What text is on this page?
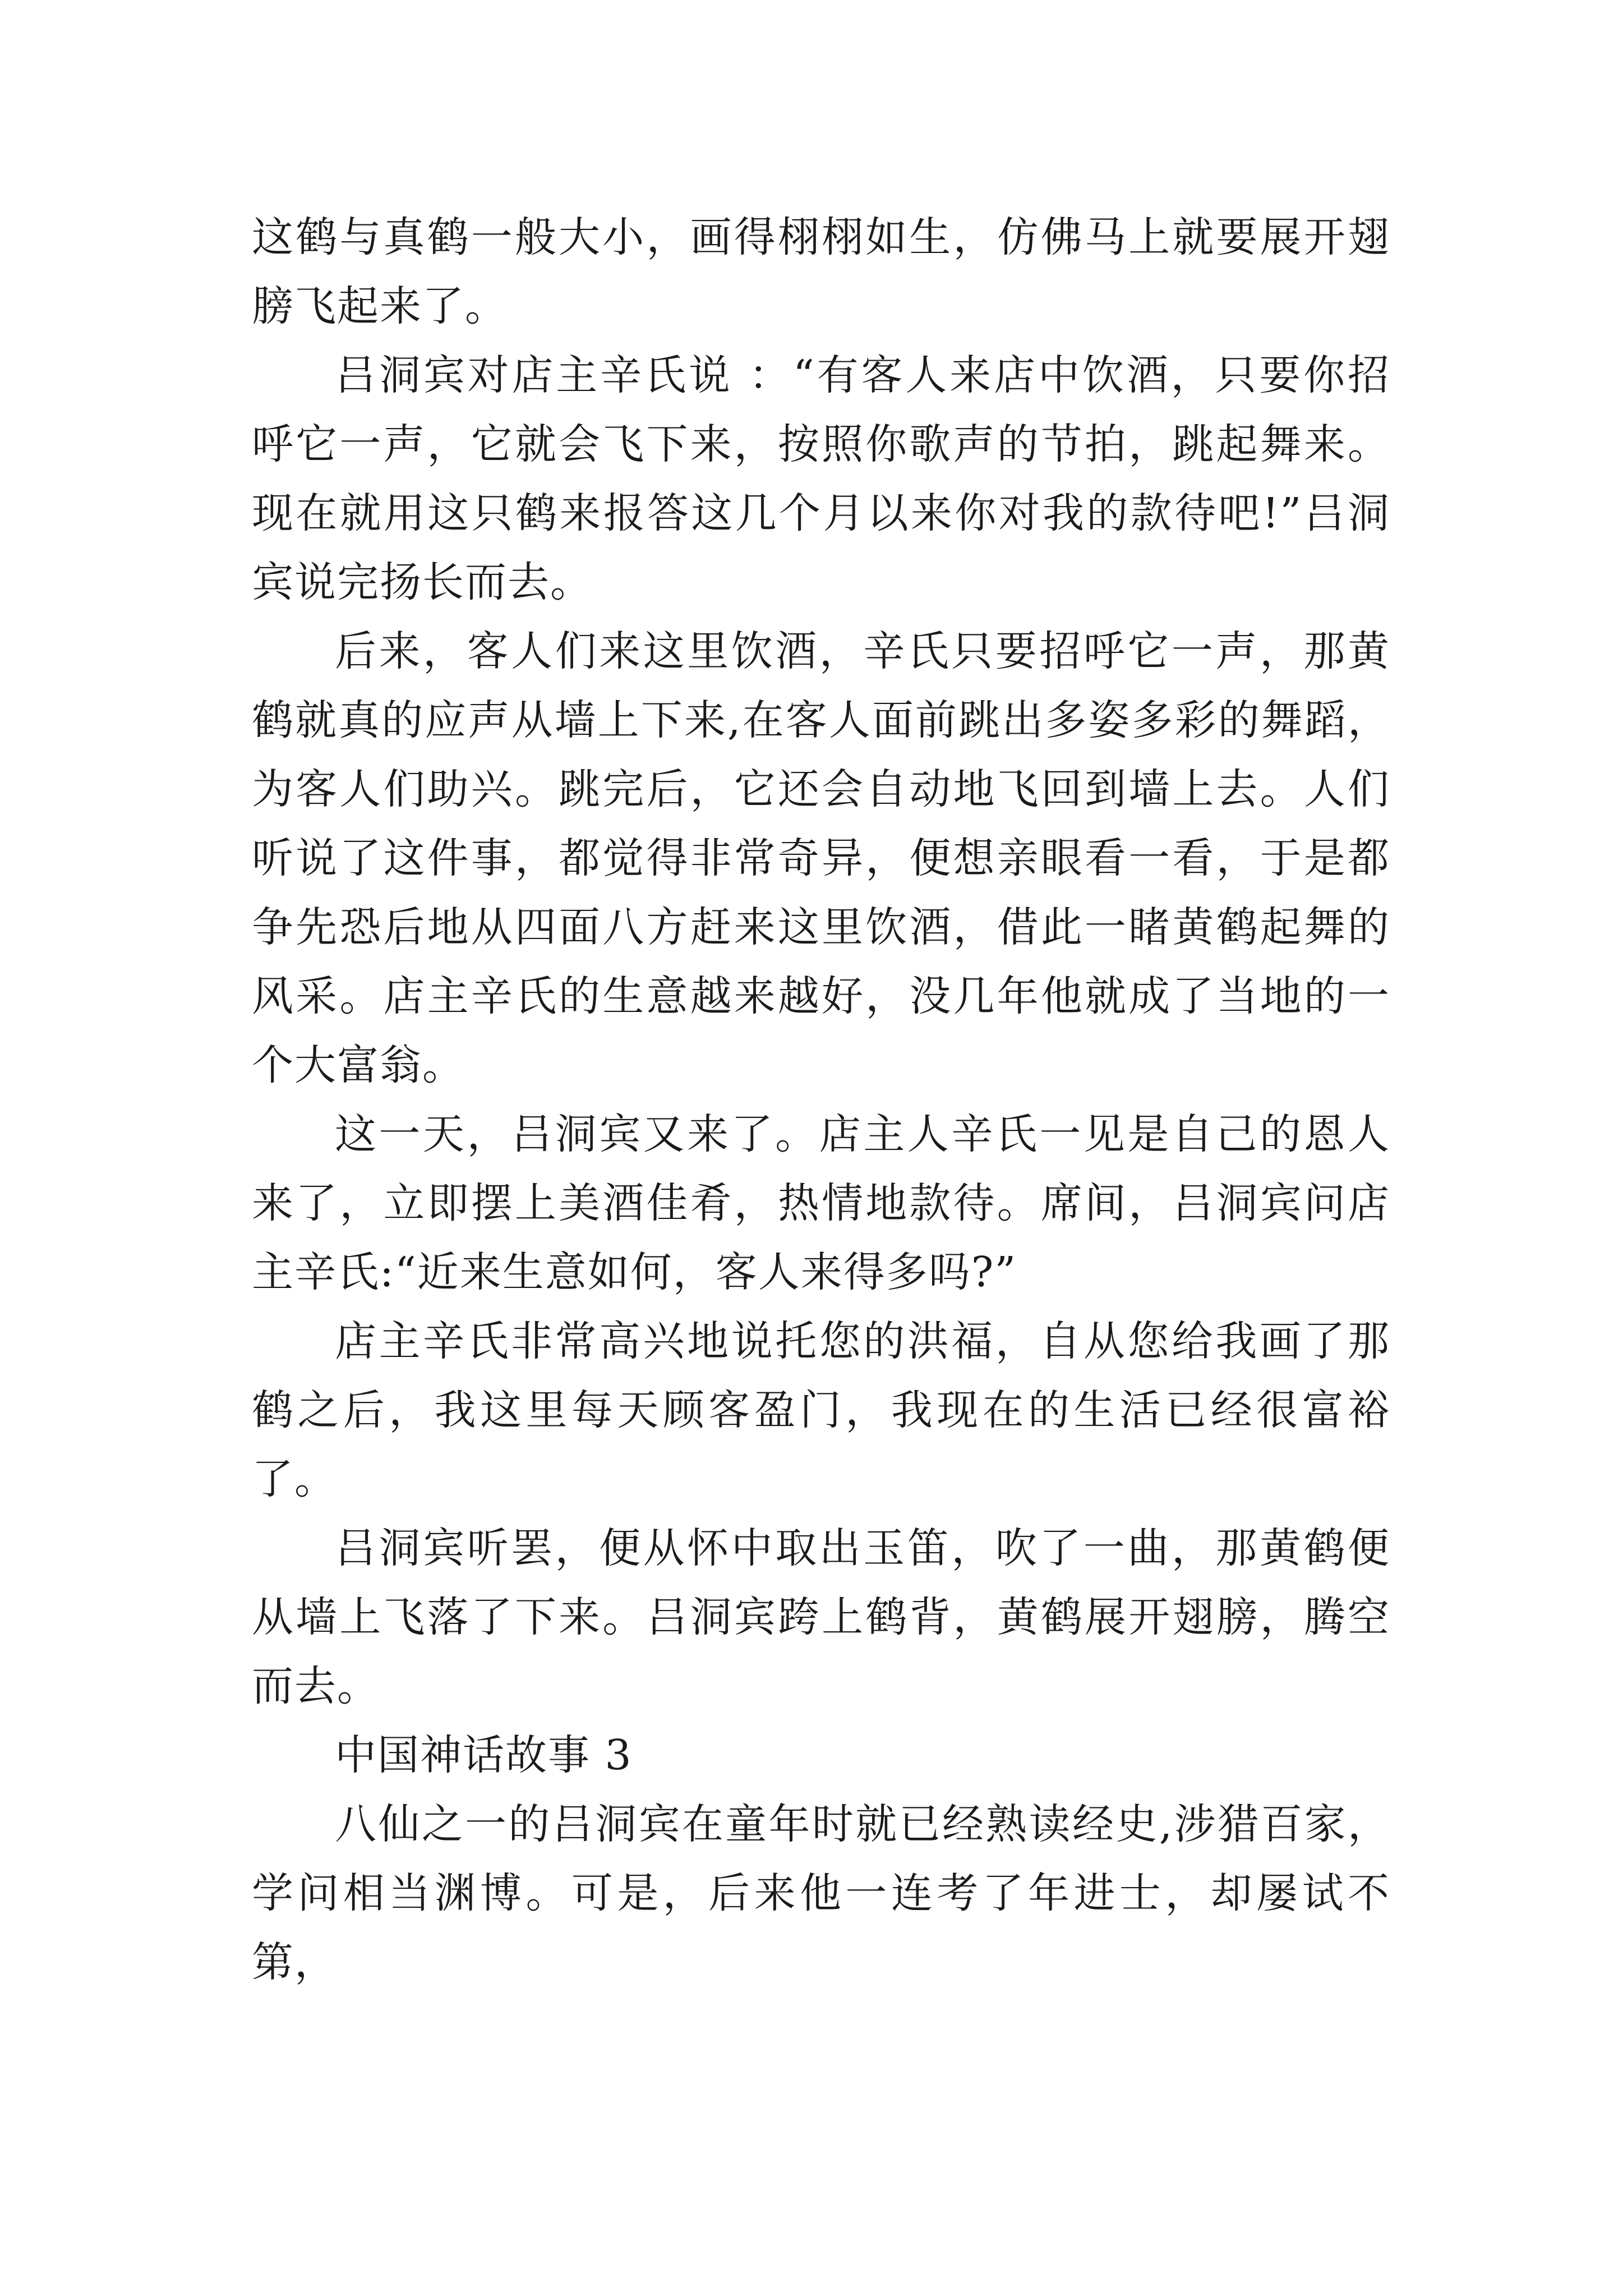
这鹤与真鹤一般大小，画得栩栩如生，仿佛马上就要展开翅膀飞起来了。

吕洞宾对店主辛氏说 ：“有客人来店中饮酒，只要你招呼它一声，它就会飞下来，按照你歌声的节拍，跳起舞来。现在就用这只鹤来报答这几个月以来你对我的款待吧!”吕洞宾说完扬长而去。

后来，客人们来这里饮酒，辛氏只要招呼它一声，那黄鹤就真的应声从墙上下来,在客人面前跳出多姿多彩的舞蹈，为客人们助兴。跳完后，它还会自动地飞回到墙上去。人们听说了这件事，都觉得非常奇异，便想亲眼看一看，于是都争先恐后地从四面八方赶来这里饮酒，借此一睹黄鹤起舞的风采。店主辛氏的生意越来越好，没几年他就成了当地的一个大富翁。

这一天，吕洞宾又来了。店主人辛氏一见是自己的恩人来了，立即摆上美酒佳肴，热情地款待。席间，吕洞宾问店主辛氏:“近来生意如何，客人来得多吗?”

店主辛氏非常高兴地说托您的洪福，自从您给我画了那鹤之后，我这里每天顾客盈门，我现在的生活已经很富裕了。

吕洞宾听罢，便从怀中取出玉笛，吹了一曲，那黄鹤便从墙上飞落了下来。吕洞宾跨上鹤背，黄鹤展开翅膀，腾空而去。

中国神话故事 3

八仙之一的吕洞宾在童年时就已经熟读经史,涉猎百家，学问相当渊博。可是，后来他一连考了年进士，却屡试不第，
